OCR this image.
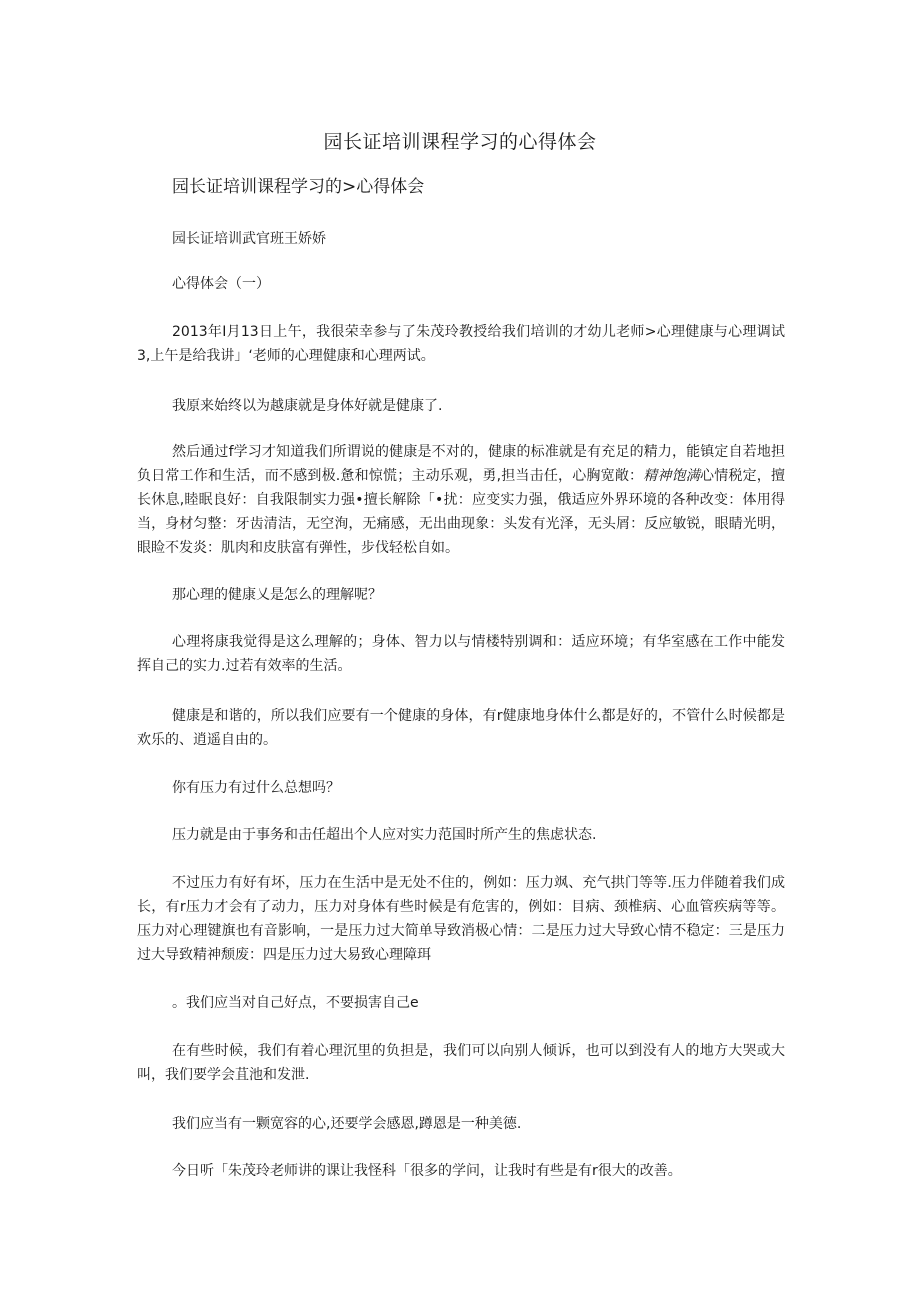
园长证培训课程学习的心得体会
园长证培训课程学习的>心得体会

园长证培训武官班王娇娇

心得体会（一）

2013年I月13日上午，我很荣幸参与了朱茂玲教授给我们培训的才幼儿老师>心理健康与心理调试3,上午是给我讲」‘老师的心理健康和心理两试。

我原来始终以为越康就是身体好就是健康了.

然后通过f学习才知道我们所谓说的健康是不对的，健康的标准就是有充足的精力，能镇定自若地担负日常工作和生活，而不感到极.惫和惊慌；主动乐观，勇,担当击任，心胸宽敞：精神饱满心情税定，擅长休息,睦眠良好：自我限制实力强•擅长解除「•扰：应变实力强，俄适应外界环境的各种改变：体用得当，身材匀整：牙齿清洁，无空洵，无痛感，无出曲现象：头发有光泽，无头屑：反应敏锐，眼睛光明，眼睑不发炎：肌肉和皮肤富有弹性，步伐轻松自如。

那心理的健康乂是怎么的理解呢？

心理将康我觉得是这么理解的；身体、智力以与情楼特别调和：适应环境；有华室感在工作中能发挥自己的实力.过若有效率的生活。

健康是和谐的，所以我们应要有一个健康的身体，有r健康地身体什么都是好的，不管什么时候都是欢乐的、逍遥自由的。

你有压力有过什么总想吗？

压力就是由于事务和击任超出个人应对实力范国时所产生的焦虑状态.

不过压力有好有坏，压力在生活中是无处不住的，例如：压力飒、充气拱门等等.压力伴随着我们成长，有r压力才会有了动力，压力对身体有些时候是有危害的，例如：目病、颈椎病、心血管疾病等等。压力对心理键旗也有音影响，一是压力过大简单导致消极心情：二是压力过大导致心情不稳定：三是压力过大导致精神颓废：四是压力过大易致心理障珥

。我们应当对自己好点，不要损害自己e

在有些时候，我们有着心理沉里的负担是，我们可以向别人倾诉，也可以到没有人的地方大哭或大叫，我们要学会苴池和发泄.

我们应当有一颗宽容的心,还要学会感恩,蹲恩是一种美德.

今日听「朱茂玲老师讲的课让我怪科「很多的学问，让我时有些是有r很大的改善。
